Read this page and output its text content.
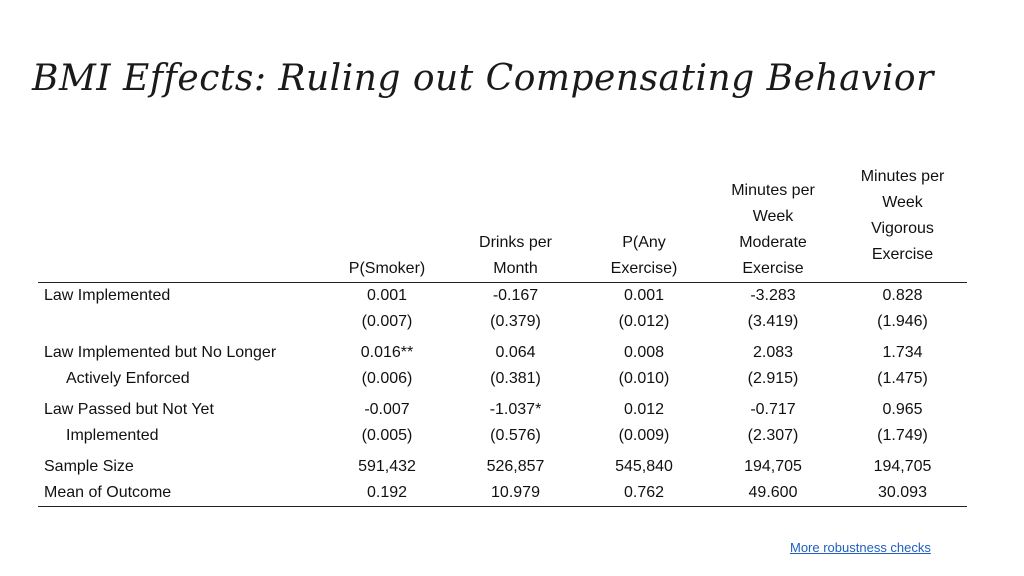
BMI Effects: Ruling out Compensating Behavior
	P(Smoker)	Drinks per Month	P(Any Exercise)	Minutes per Week Moderate Exercise	Minutes per Week Vigorous Exercise

Law Implemented	0.001	-0.167	0.001	-3.283	0.828
	(0.007)	(0.379)	(0.012)	(3.419)	(1.946)
Law Implemented but No Longer	0.016**	0.064	0.008	2.083	1.734
Actively Enforced	(0.006)	(0.381)	(0.010)	(2.915)	(1.475)
Law Passed but Not Yet	-0.007	-1.037*	0.012	-0.717	0.965
Implemented	(0.005)	(0.576)	(0.009)	(2.307)	(1.749)
Sample Size	591,432	526,857	545,840	194,705	194,705
Mean of Outcome	0.192	10.979	0.762	49.600	30.093
More robustness checks
